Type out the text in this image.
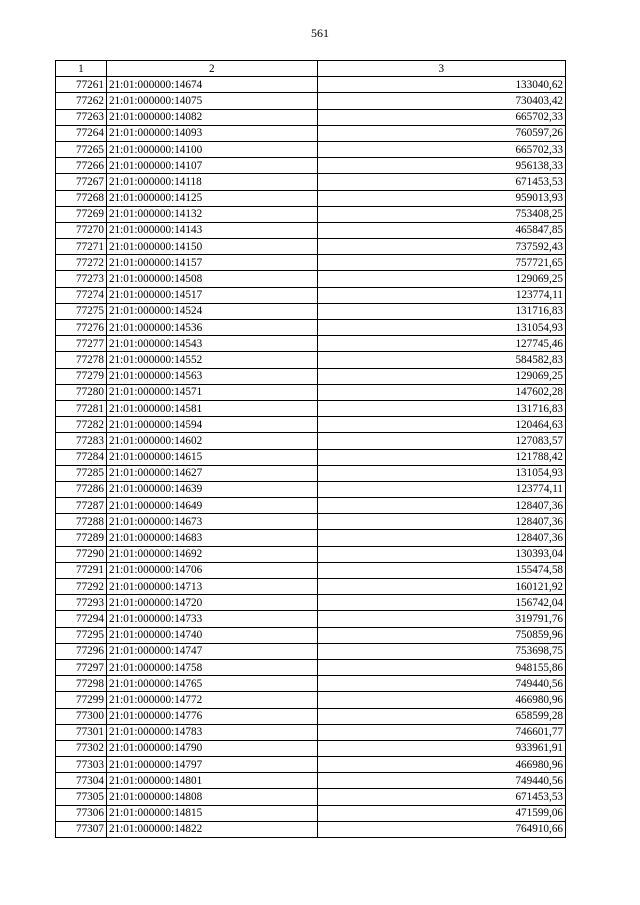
561
1	2	3
77261	21:01:000000:14674	133040,62
77262	21:01:000000:14075	730403,42
77263	21:01:000000:14082	665702,33
77264	21:01:000000:14093	760597,26
77265	21:01:000000:14100	665702,33
77266	21:01:000000:14107	956138,33
77267	21:01:000000:14118	671453,53
77268	21:01:000000:14125	959013,93
77269	21:01:000000:14132	753408,25
77270	21:01:000000:14143	465847,85
77271	21:01:000000:14150	737592,43
77272	21:01:000000:14157	757721,65
77273	21:01:000000:14508	129069,25
77274	21:01:000000:14517	123774,11
77275	21:01:000000:14524	131716,83
77276	21:01:000000:14536	131054,93
77277	21:01:000000:14543	127745,46
77278	21:01:000000:14552	584582,83
77279	21:01:000000:14563	129069,25
77280	21:01:000000:14571	147602,28
77281	21:01:000000:14581	131716,83
77282	21:01:000000:14594	120464,63
77283	21:01:000000:14602	127083,57
77284	21:01:000000:14615	121788,42
77285	21:01:000000:14627	131054,93
77286	21:01:000000:14639	123774,11
77287	21:01:000000:14649	128407,36
77288	21:01:000000:14673	128407,36
77289	21:01:000000:14683	128407,36
77290	21:01:000000:14692	130393,04
77291	21:01:000000:14706	155474,58
77292	21:01:000000:14713	160121,92
77293	21:01:000000:14720	156742,04
77294	21:01:000000:14733	319791,76
77295	21:01:000000:14740	750859,96
77296	21:01:000000:14747	753698,75
77297	21:01:000000:14758	948155,86
77298	21:01:000000:14765	749440,56
77299	21:01:000000:14772	466980,96
77300	21:01:000000:14776	658599,28
77301	21:01:000000:14783	746601,77
77302	21:01:000000:14790	933961,91
77303	21:01:000000:14797	466980,96
77304	21:01:000000:14801	749440,56
77305	21:01:000000:14808	671453,53
77306	21:01:000000:14815	471599,06
77307	21:01:000000:14822	764910,66
